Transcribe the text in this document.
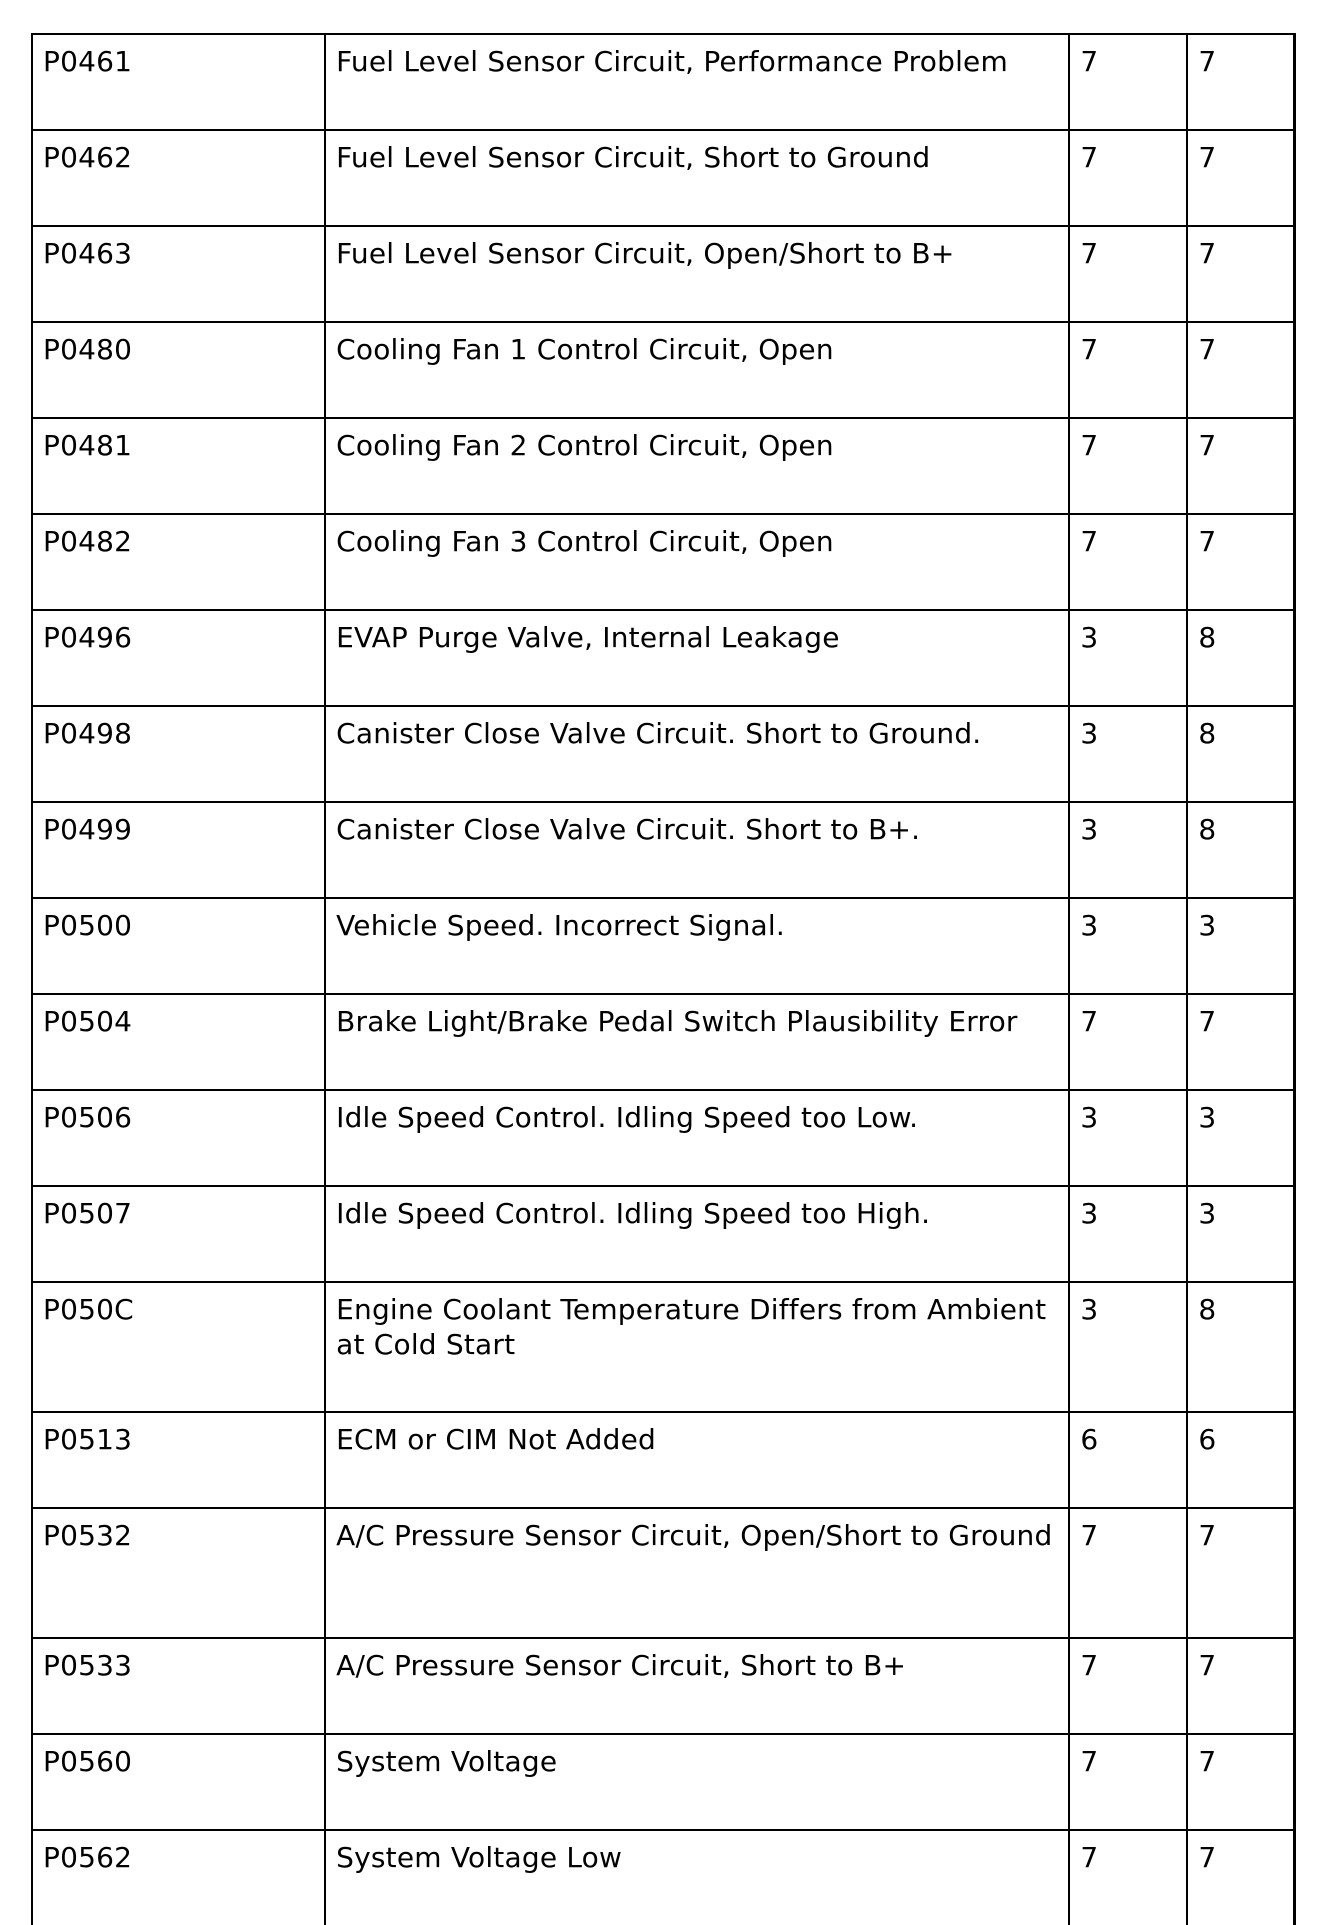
P0461	Fuel Level Sensor Circuit, Performance Problem	7	7
P0462	Fuel Level Sensor Circuit, Short to Ground	7	7
P0463	Fuel Level Sensor Circuit, Open/Short to B+	7	7
P0480	Cooling Fan 1 Control Circuit, Open	7	7
P0481	Cooling Fan 2 Control Circuit, Open	7	7
P0482	Cooling Fan 3 Control Circuit, Open	7	7
P0496	EVAP Purge Valve, Internal Leakage	3	8
P0498	Canister Close Valve Circuit. Short to Ground.	3	8
P0499	Canister Close Valve Circuit. Short to B+.	3	8
P0500	Vehicle Speed. Incorrect Signal.	3	3
P0504	Brake Light/Brake Pedal Switch Plausibility Error	7	7
P0506	Idle Speed Control. Idling Speed too Low.	3	3
P0507	Idle Speed Control. Idling Speed too High.	3	3
P050C	Engine Coolant Temperature Differs from Ambient at Cold Start	3	8
P0513	ECM or CIM Not Added	6	6
P0532	A/C Pressure Sensor Circuit, Open/Short to Ground	7	7
P0533	A/C Pressure Sensor Circuit, Short to B+	7	7
P0560	System Voltage	7	7
P0562	System Voltage Low	7	7
